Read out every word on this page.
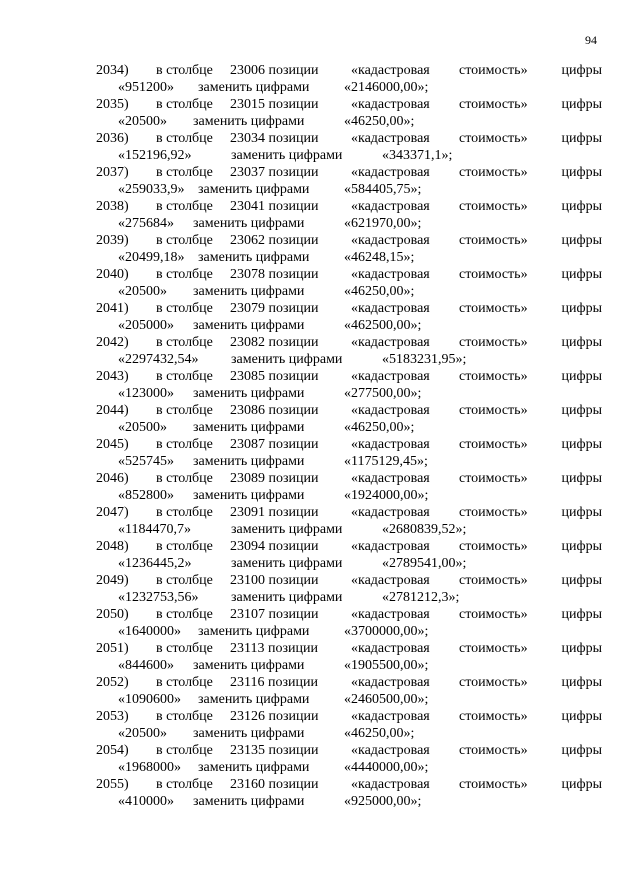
94
2034) в столбце 23006 позиции «кадастровая стоимость» цифры
«951200» заменить цифрами «2146000,00»;
2035) в столбце 23015 позиции «кадастровая стоимость» цифры
«20500» заменить цифрами	«46250,00»;
2036) в столбце 23034 позиции «кадастровая стоимость» цифры
«152196,92»	заменить цифрами	«343371,1»;
2037) в столбце 23037 позиции «кадастровая стоимость» цифры
«259033,9» заменить цифрами «584405,75»;
2038) в столбце 23041 позиции «кадастровая стоимость» цифры
«275684» заменить цифрами	«621970,00»;
2039) в столбце 23062 позиции «кадастровая стоимость» цифры
«20499,18» заменить цифрами «46248,15»;
2040) в столбце 23078 позиции «кадастровая стоимость» цифры
«20500» заменить цифрами	«46250,00»;
2041) в столбце 23079 позиции «кадастровая стоимость» цифры
«205000» заменить цифрами	«462500,00»;
2042) в столбце 23082 позиции «кадастровая стоимость» цифры
«2297432,54» заменить цифрами	«5183231,95»;
2043) в столбце 23085 позиции «кадастровая стоимость» цифры
«123000» заменить цифрами	«277500,00»;
2044) в столбце 23086 позиции «кадастровая стоимость» цифры
«20500» заменить цифрами	«46250,00»;
2045) в столбце 23087 позиции «кадастровая стоимость» цифры
«525745» заменить цифрами	«1175129,45»;
2046) в столбце 23089 позиции «кадастровая стоимость» цифры
«852800» заменить цифрами	«1924000,00»;
2047) в столбце 23091 позиции «кадастровая стоимость» цифры
«1184470,7»	заменить цифрами	«2680839,52»;
2048) в столбце 23094 позиции «кадастровая стоимость» цифры
«1236445,2»	заменить цифрами	«2789541,00»;
2049) в столбце 23100 позиции «кадастровая стоимость» цифры
«1232753,56» заменить цифрами	«2781212,3»;
2050) в столбце 23107 позиции «кадастровая стоимость» цифры
«1640000» заменить цифрами «3700000,00»;
2051) в столбце 23113 позиции «кадастровая стоимость» цифры
«844600» заменить цифрами	«1905500,00»;
2052) в столбце 23116 позиции «кадастровая стоимость» цифры
«1090600» заменить цифрами «2460500,00»;
2053) в столбце 23126 позиции «кадастровая стоимость» цифры
«20500» заменить цифрами	«46250,00»;
2054) в столбце 23135 позиции «кадастровая стоимость» цифры
«1968000» заменить цифрами «4440000,00»;
2055) в столбце 23160 позиции «кадастровая стоимость» цифры
«410000» заменить цифрами	«925000,00»;
